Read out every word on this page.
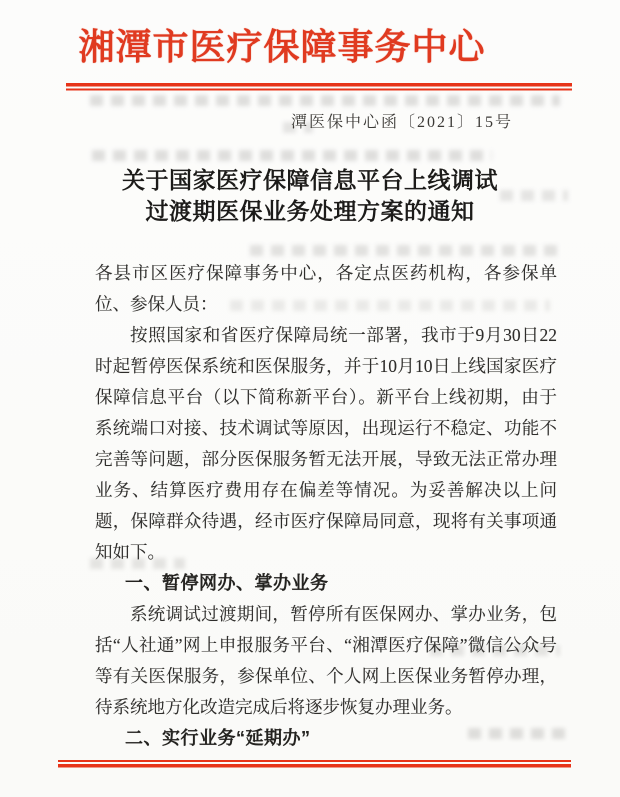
湘潭市医疗保障事务中心
潭医保中心函〔2021〕15号
关于国家医疗保障信息平台上线调试
过渡期医保业务处理方案的通知

各县市区医疗保障事务中心，各定点医药机构，各参保单位、参保人员：

按照国家和省医疗保障局统一部署，我市于9月30日22时起暂停医保系统和医保服务，并于10月10日上线国家医疗保障信息平台（以下简称新平台）。新平台上线初期，由于系统端口对接、技术调试等原因，出现运行不稳定、功能不完善等问题，部分医保服务暂无法开展，导致无法正常办理业务、结算医疗费用存在偏差等情况。为妥善解决以上问题，保障群众待遇，经市医疗保障局同意，现将有关事项通知如下。

一、暂停网办、掌办业务

系统调试过渡期间，暂停所有医保网办、掌办业务，包括“人社通”网上申报服务平台、“湘潭医疗保障”微信公众号等有关医保服务，参保单位、个人网上医保业务暂停办理，待系统地方化改造完成后将逐步恢复办理业务。

二、实行业务“延期办”
